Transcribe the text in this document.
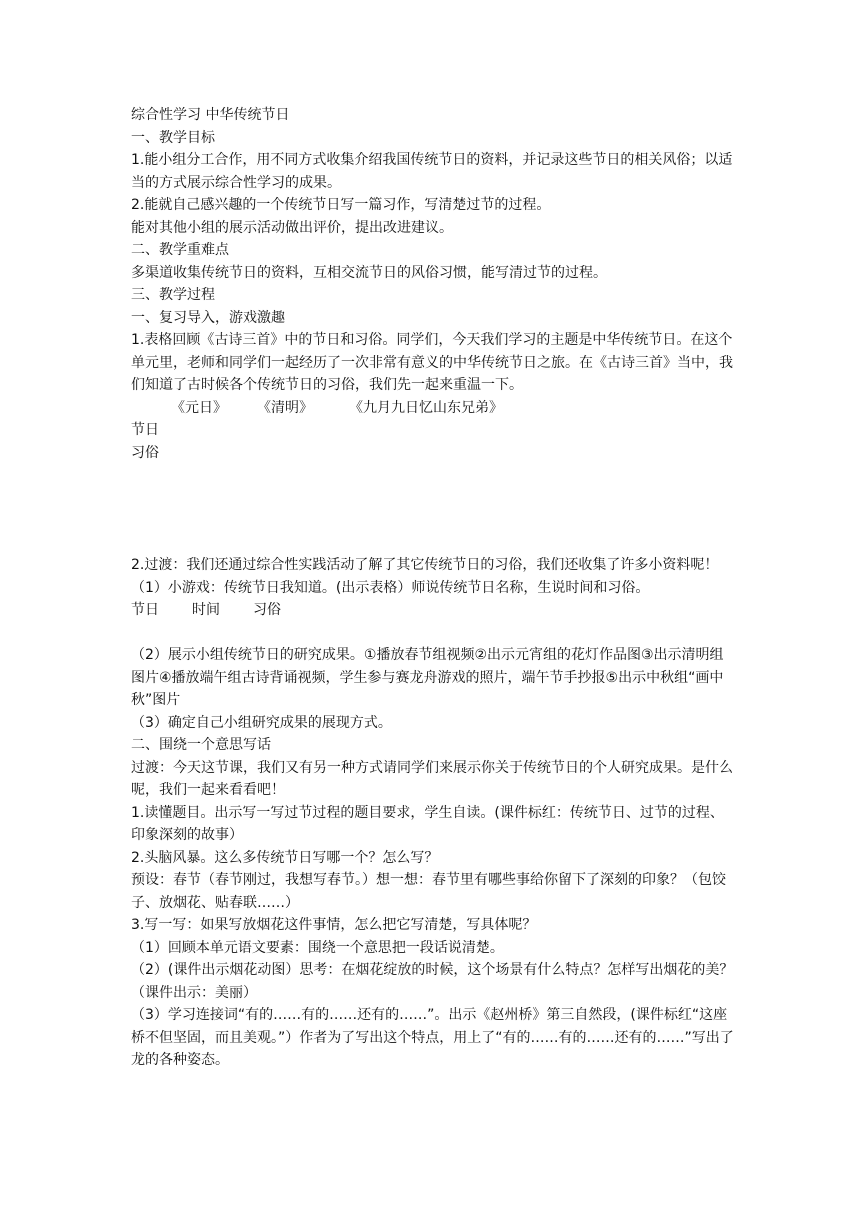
综合性学习 中华传统节日

一、教学目标

1.能小组分工合作，用不同方式收集介绍我国传统节日的资料，并记录这些节日的相关风俗；以适当的方式展示综合性学习的成果。

2.能就自己感兴趣的一个传统节日写一篇习作，写清楚过节的过程。

能对其他小组的展示活动做出评价，提出改进建议。

二、教学重难点

多渠道收集传统节日的资料，互相交流节日的风俗习惯，能写清过节的过程。

三、教学过程

一、复习导入，游戏激趣

1.表格回顾《古诗三首》中的节日和习俗。同学们，今天我们学习的主题是中华传统节日。在这个单元里，老师和同学们一起经历了一次非常有意义的中华传统节日之旅。在《古诗三首》当中，我们知道了古时候各个传统节日的习俗，我们先一起来重温一下。

《元日》 《清明》	《九月九日忆山东兄弟》

节日

习俗

2.过渡：我们还通过综合性实践活动了解了其它传统节日的习俗，我们还收集了许多小资料呢！

（1）小游戏：传统节日我知道。(出示表格）师说传统节日名称，生说时间和习俗。

节日 时间 习俗

（2）展示小组传统节日的研究成果。①播放春节组视频②出示元宵组的花灯作品图③出示清明组图片④播放端午组古诗背诵视频，学生参与赛龙舟游戏的照片，端午节手抄报⑤出示中秋组“画中秋”图片

（3）确定自己小组研究成果的展现方式。

二、围绕一个意思写话

过渡：今天这节课，我们又有另一种方式请同学们来展示你关于传统节日的个人研究成果。是什么呢，我们一起来看看吧！

1.读懂题目。出示写一写过节过程的题目要求，学生自读。(课件标红：传统节日、过节的过程、印象深刻的故事）

2.头脑风暴。这么多传统节日写哪一个？怎么写？

预设：春节（春节刚过，我想写春节。）想一想：春节里有哪些事给你留下了深刻的印象？（包饺子、放烟花、贴春联……）

3.写一写：如果写放烟花这件事情，怎么把它写清楚，写具体呢？

（1）回顾本单元语文要素：围绕一个意思把一段话说清楚。

（2）(课件出示烟花动图）思考：在烟花绽放的时候，这个场景有什么特点？怎样写出烟花的美？（课件出示：美丽）

（3）学习连接词“有的……有的……还有的……”。出示《赵州桥》第三自然段，(课件标红“这座桥不但坚固，而且美观。”）作者为了写出这个特点，用上了“有的……有的……还有的……”写出了龙的各种姿态。
